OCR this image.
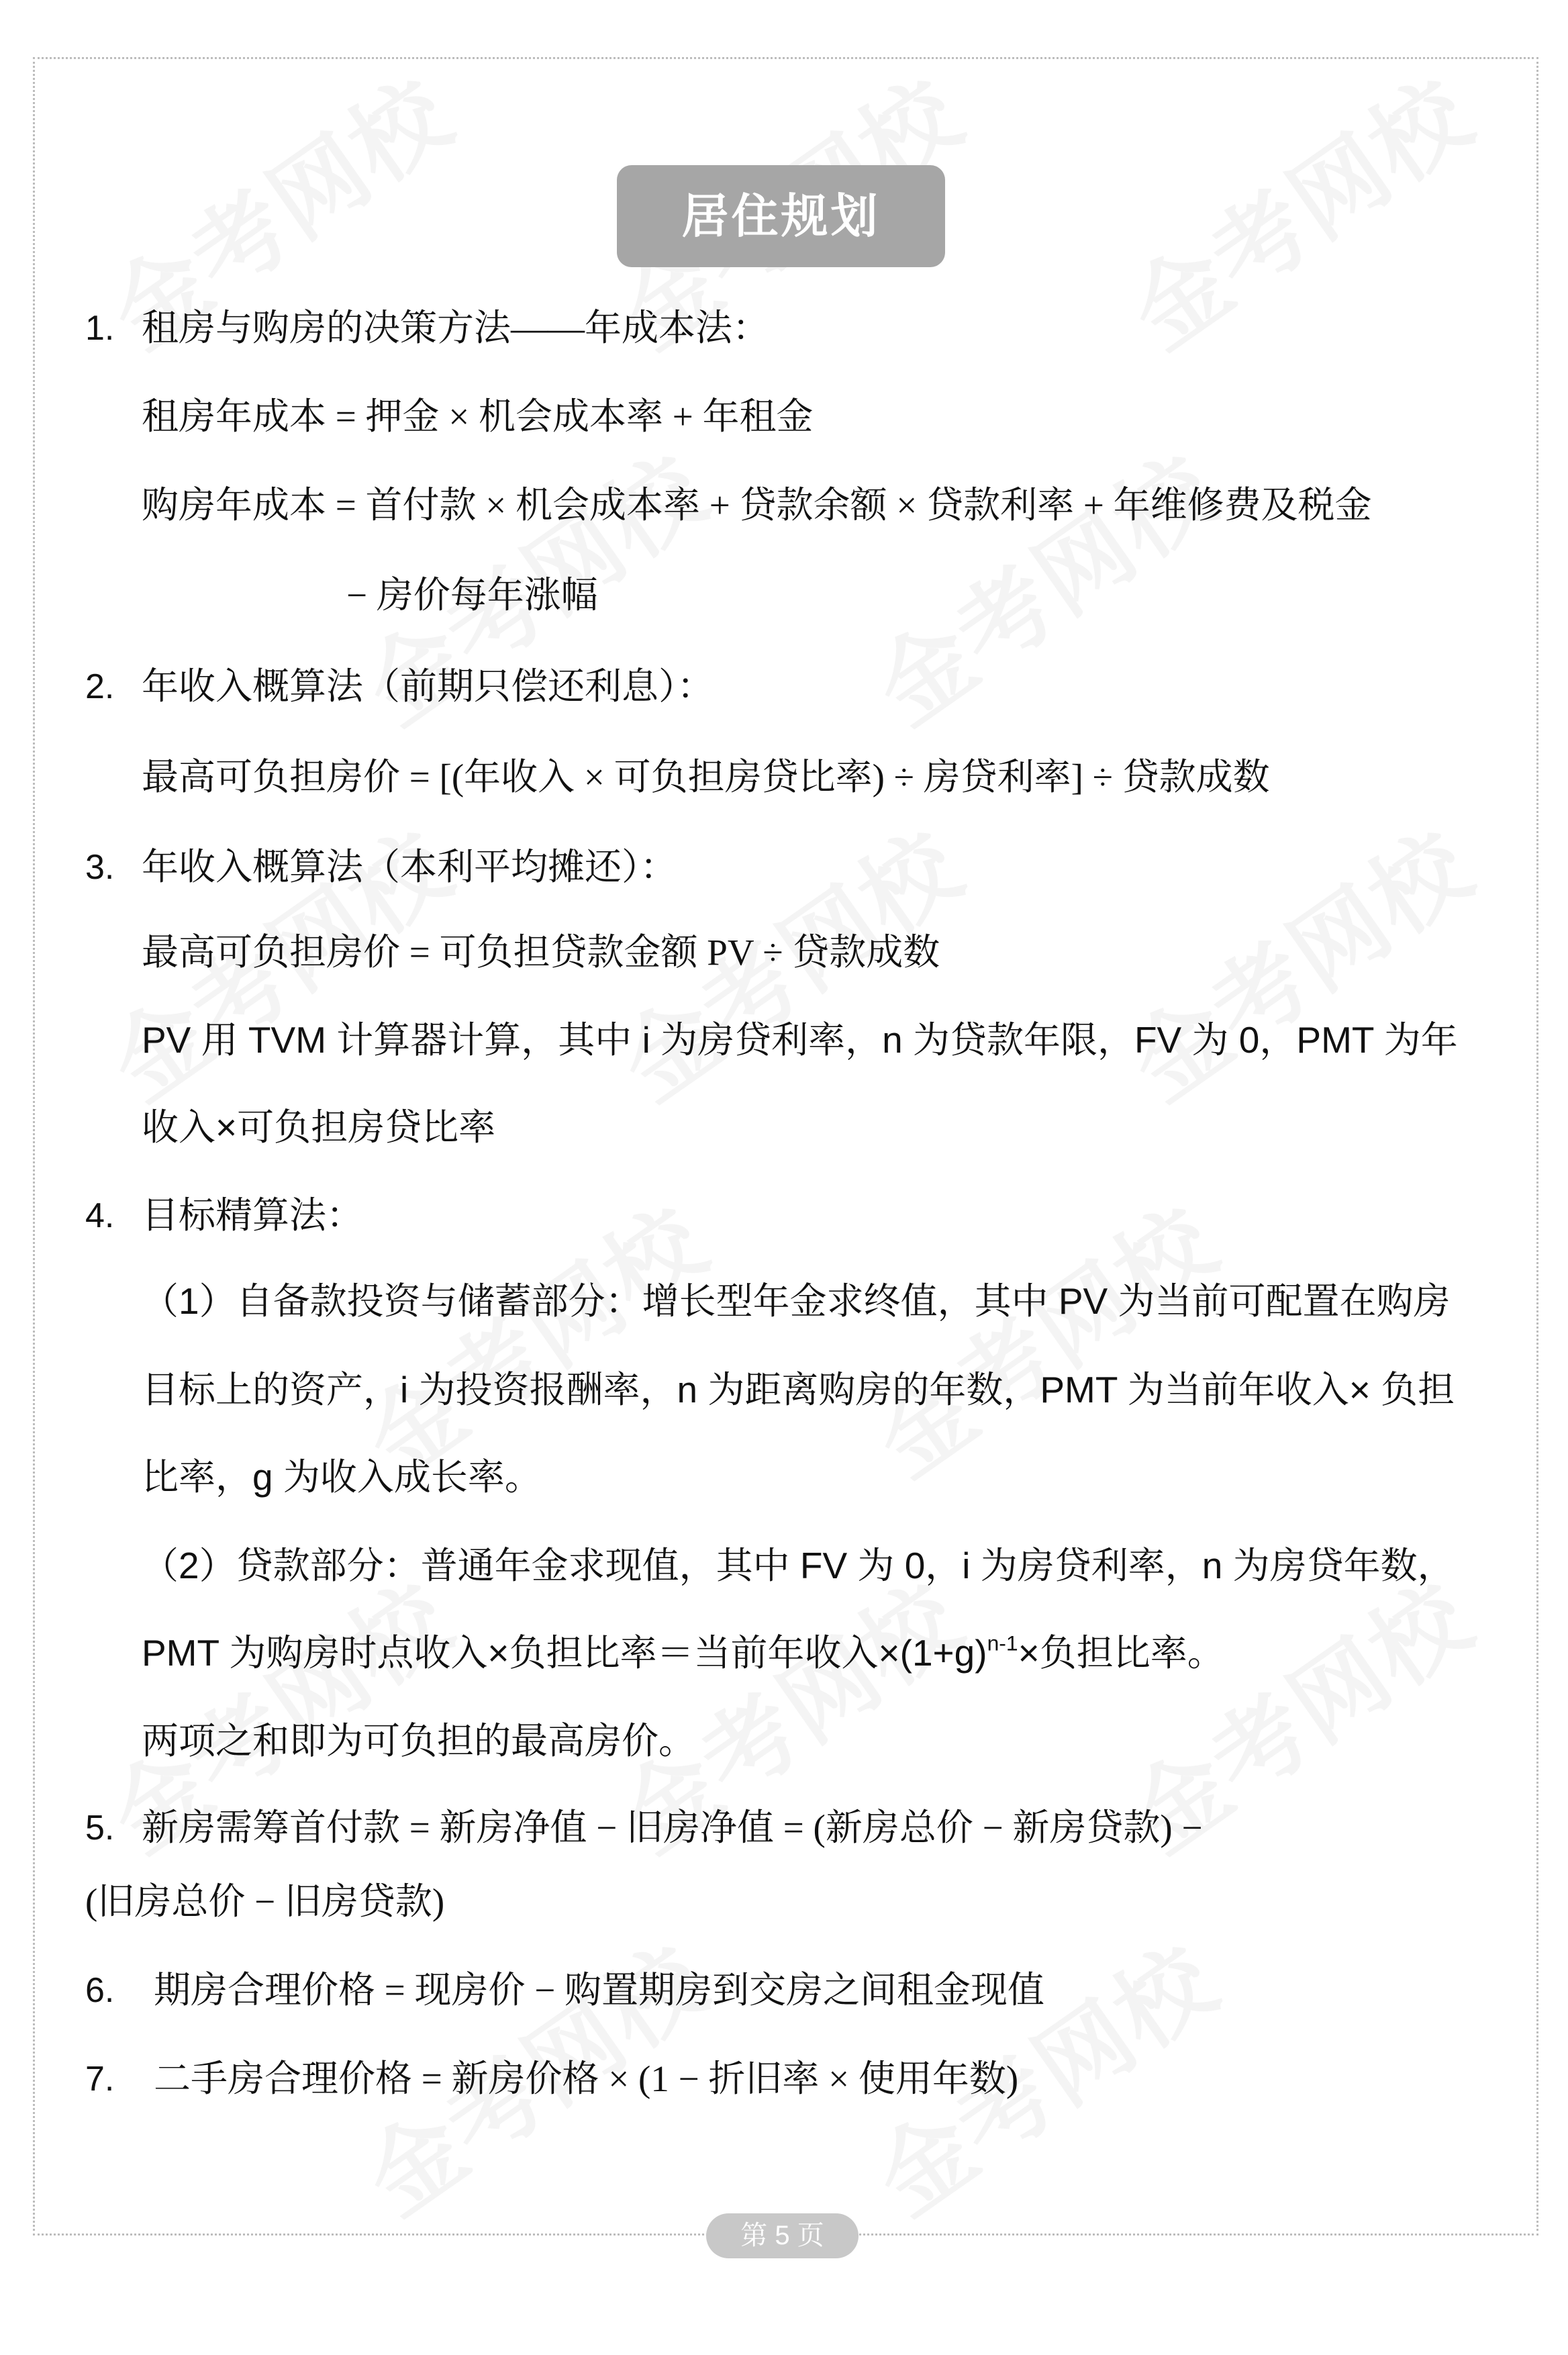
居住规划
1. 租房与购房的决策方法——年成本法：
租房年成本 = 押金 × 机会成本率 + 年租金
购房年成本 = 首付款 × 机会成本率 + 贷款余额 × 贷款利率 + 年维修费及税金
− 房价每年涨幅
2. 年收入概算法（前期只偿还利息）：
最高可负担房价 = [(年收入 × 可负担房贷比率) ÷ 房贷利率] ÷ 贷款成数
3. 年收入概算法（本利平均摊还）：
最高可负担房价 = 可负担贷款金额 PV ÷ 贷款成数
PV 用 TVM 计算器计算，其中 i 为房贷利率，n 为贷款年限，FV 为 0，PMT 为年
收入×可负担房贷比率
4. 目标精算法：
（1）自备款投资与储蓄部分：增长型年金求终值，其中 PV 为当前可配置在购房
目标上的资产，i 为投资报酬率，n 为距离购房的年数，PMT 为当前年收入× 负担
比率，g 为收入成长率。
（2）贷款部分：普通年金求现值，其中 FV 为 0，i 为房贷利率，n 为房贷年数，
PMT 为购房时点收入×负担比率＝当前年收入$\times(1+g)^{n-1}\times$负担比率。
两项之和即为可负担的最高房价。
5. 新房需筹首付款 = 新房净值 − 旧房净值 = (新房总价 − 新房贷款) −
(旧房总价 − 旧房贷款)
6. 期房合理价格 = 现房价 − 购置期房到交房之间租金现值
7. 二手房合理价格 = 新房价格 × (1 − 折旧率 × 使用年数)
第 5 页
